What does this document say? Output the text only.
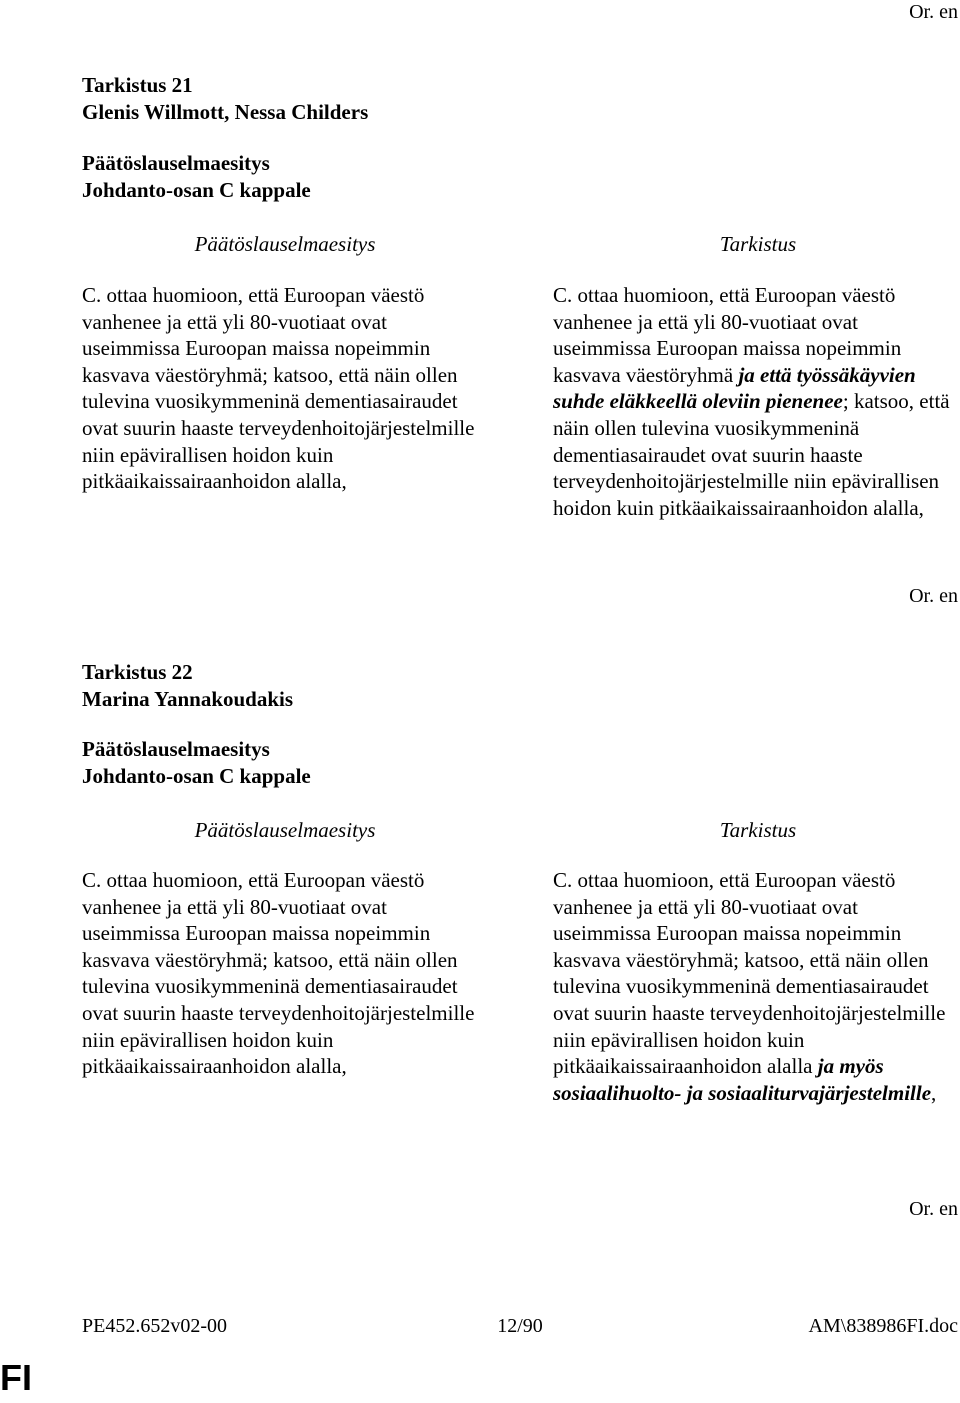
Or. en
Tarkistus 21
Glenis Willmott, Nessa Childers
Päätöslauselmaesitys
Johdanto-osan C kappale
Päätöslauselmaesitys	Tarkistus
C. ottaa huomioon, että Euroopan väestö vanhenee ja että yli 80-vuotiaat ovat useimmissa Euroopan maissa nopeimmin kasvava väestöryhmä; katsoo, että näin ollen tulevina vuosikymmeninä dementiasairaudet ovat suurin haaste terveydenhoitojärjestelmille niin epävirallisen hoidon kuin pitkäaikaissairaanhoidon alalla,
C. ottaa huomioon, että Euroopan väestö vanhenee ja että yli 80-vuotiaat ovat useimmissa Euroopan maissa nopeimmin kasvava väestöryhmä ja että työssäkäyvien suhde eläkkeellä oleviin pienenee; katsoo, että näin ollen tulevina vuosikymmeninä dementiasairaudet ovat suurin haaste terveydenhoitojärjestelmille niin epävirallisen hoidon kuin pitkäaikaissairaanhoidon alalla,
Or. en
Tarkistus 22
Marina Yannakoudakis
Päätöslauselmaesitys
Johdanto-osan C kappale
Päätöslauselmaesitys	Tarkistus
C. ottaa huomioon, että Euroopan väestö vanhenee ja että yli 80-vuotiaat ovat useimmissa Euroopan maissa nopeimmin kasvava väestöryhmä; katsoo, että näin ollen tulevina vuosikymmeninä dementiasairaudet ovat suurin haaste terveydenhoitojärjestelmille niin epävirallisen hoidon kuin pitkäaikaissairaanhoidon alalla,
C. ottaa huomioon, että Euroopan väestö vanhenee ja että yli 80-vuotiaat ovat useimmissa Euroopan maissa nopeimmin kasvava väestöryhmä; katsoo, että näin ollen tulevina vuosikymmeninä dementiasairaudet ovat suurin haaste terveydenhoitojärjestelmille niin epävirallisen hoidon kuin pitkäaikaissairaanhoidon alalla ja myös sosiaalihuolto- ja sosiaaliturvajärjestelmille,
Or. en
PE452.652v02-00	12/90	AM\838986FI.doc
FI
